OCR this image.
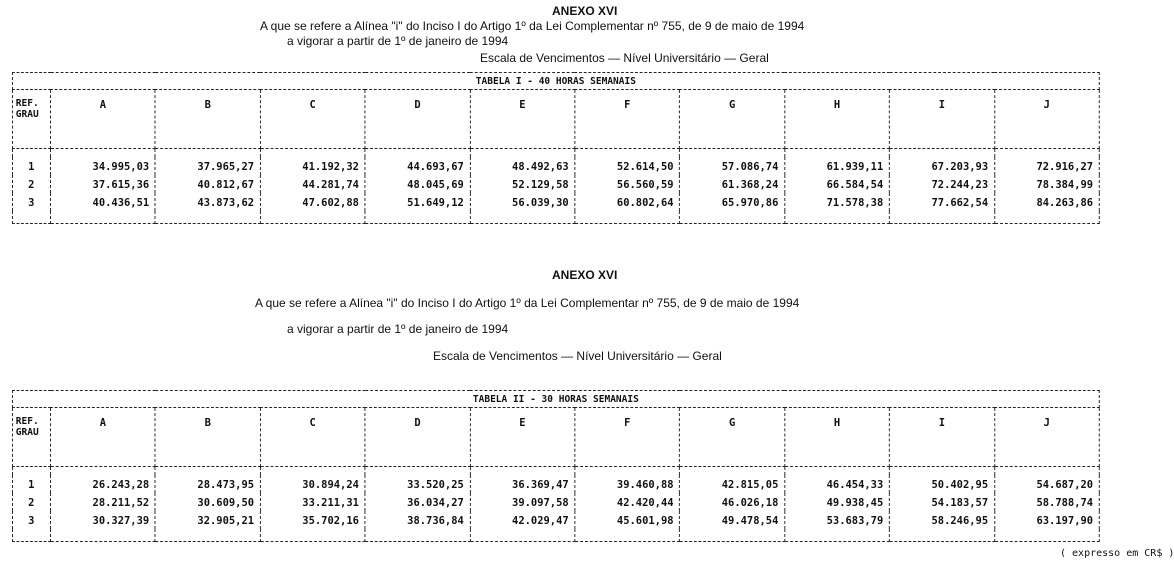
ANEXO XVI
A que se refere a Alínea "i" do Inciso I do Artigo 1º da Lei Complementar nº 755, de 9 de maio de 1994
a vigorar a partir de 1º de janeiro de 1994
Escala de Vencimentos — Nível Universitário — Geral
TABELA I - 40 HORAS SEMANAIS										
REF. GRAU	A	B	C	D	E	F	G	H	I	J

1	34.995,03	37.965,27	41.192,32	44.693,67	48.492,63	52.614,50	57.086,74	61.939,11	67.203,93	72.916,27
2	37.615,36	40.812,67	44.281,74	48.045,69	52.129,58	56.560,59	61.368,24	66.584,54	72.244,23	78.384,99
3	40.436,51	43.873,62	47.602,88	51.649,12	56.039,30	60.802,64	65.970,86	71.578,38	77.662,54	84.263,86

ANEXO XVI
A que se refere a Alínea "i" do Inciso I do Artigo 1º da Lei Complementar nº 755, de 9 de maio de 1994
a vigorar a partir de 1º de janeiro de 1994
Escala de Vencimentos — Nível Universitário — Geral
TABELA II - 30 HORAS SEMANAIS										
REF. GRAU	A	B	C	D	E	F	G	H	I	J

1	26.243,28	28.473,95	30.894,24	33.520,25	36.369,47	39.460,88	42.815,05	46.454,33	50.402,95	54.687,20
2	28.211,52	30.609,50	33.211,31	36.034,27	39.097,58	42.420,44	46.026,18	49.938,45	54.183,57	58.788,74
3	30.327,39	32.905,21	35.702,16	38.736,84	42.029,47	45.601,98	49.478,54	53.683,79	58.246,95	63.197,90

( expresso em CR$ )
